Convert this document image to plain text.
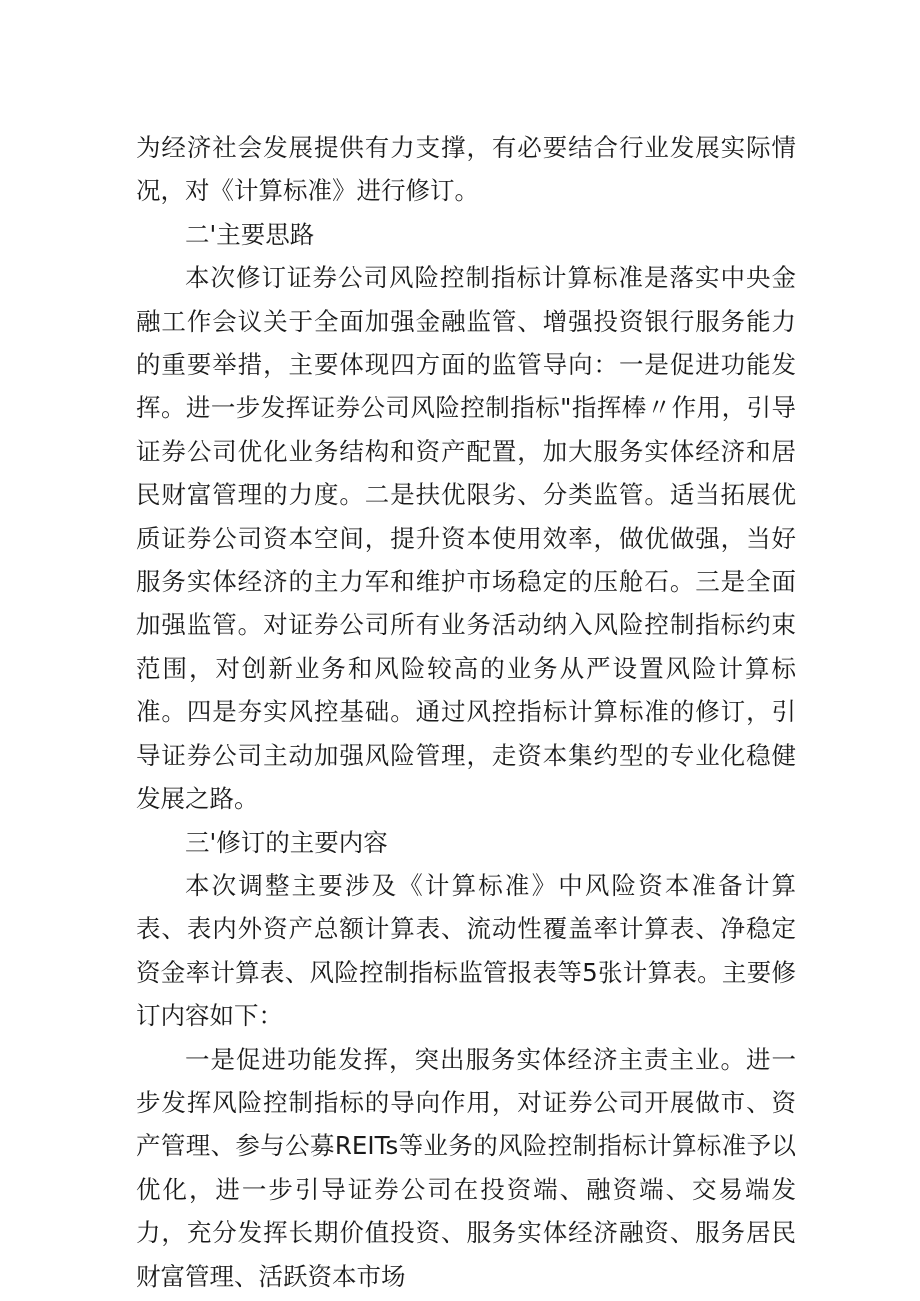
为经济社会发展提供有力支撑，有必要结合行业发展实际情况，对《计算标准》进行修订。

二'主要思路

本次修订证券公司风险控制指标计算标准是落实中央金融工作会议关于全面加强金融监管、增强投资银行服务能力的重要举措，主要体现四方面的监管导向：一是促进功能发挥。进一步发挥证券公司风险控制指标"指挥棒〃作用，引导证券公司优化业务结构和资产配置，加大服务实体经济和居民财富管理的力度。二是扶优限劣、分类监管。适当拓展优质证券公司资本空间，提升资本使用效率，做优做强，当好服务实体经济的主力军和维护市场稳定的压舱石。三是全面加强监管。对证券公司所有业务活动纳入风险控制指标约束范围，对创新业务和风险较高的业务从严设置风险计算标准。四是夯实风控基础。通过风控指标计算标准的修订，引导证券公司主动加强风险管理，走资本集约型的专业化稳健发展之路。

三'修订的主要内容

本次调整主要涉及《计算标准》中风险资本准备计算表、表内外资产总额计算表、流动性覆盖率计算表、净稳定资金率计算表、风险控制指标监管报表等5张计算表。主要修订内容如下：

一是促进功能发挥，突出服务实体经济主责主业。进一步发挥风险控制指标的导向作用，对证券公司开展做市、资产管理、参与公募REITs等业务的风险控制指标计算标准予以优化，进一步引导证券公司在投资端、融资端、交易端发力，充分发挥长期价值投资、服务实体经济融资、服务居民财富管理、活跃资本市场
